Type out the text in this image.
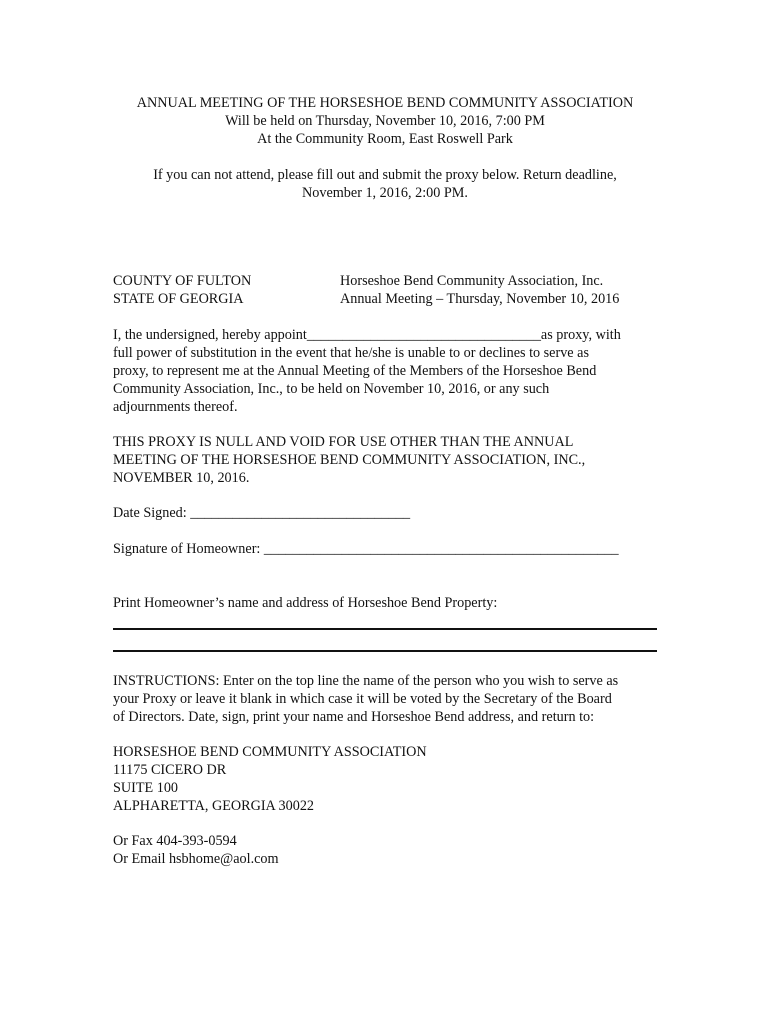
ANNUAL MEETING OF THE HORSESHOE BEND COMMUNITY ASSOCIATION
Will be held on Thursday, November 10, 2016, 7:00 PM
At the Community Room, East Roswell Park
If you can not attend, please fill out and submit the proxy below. Return deadline,
November 1, 2016, 2:00 PM.
COUNTY OF FULTON
STATE OF GEORGIA
Horseshoe Bend Community Association, Inc.
Annual Meeting – Thursday, November 10, 2016
I, the undersigned, hereby appoint_________________________________as proxy, with
full power of substitution in the event that he/she is unable to or declines to serve as
proxy, to represent me at the Annual Meeting of the Members of the Horseshoe Bend
Community Association, Inc., to be held on November 10, 2016, or any such
adjournments thereof.
THIS PROXY IS NULL AND VOID FOR USE OTHER THAN THE ANNUAL
MEETING OF THE HORSESHOE BEND COMMUNITY ASSOCIATION, INC.,
NOVEMBER 10, 2016.
Date Signed: _______________________________
Signature of Homeowner: __________________________________________________
Print Homeowner’s name and address of Horseshoe Bend Property:
INSTRUCTIONS: Enter on the top line the name of the person who you wish to serve as
your Proxy or leave it blank in which case it will be voted by the Secretary of the Board
of Directors. Date, sign, print your name and Horseshoe Bend address, and return to:
HORSESHOE BEND COMMUNITY ASSOCIATION
11175 CICERO DR
SUITE 100
ALPHARETTA, GEORGIA 30022
Or Fax 404-393-0594
Or Email hsbhome@aol.com
